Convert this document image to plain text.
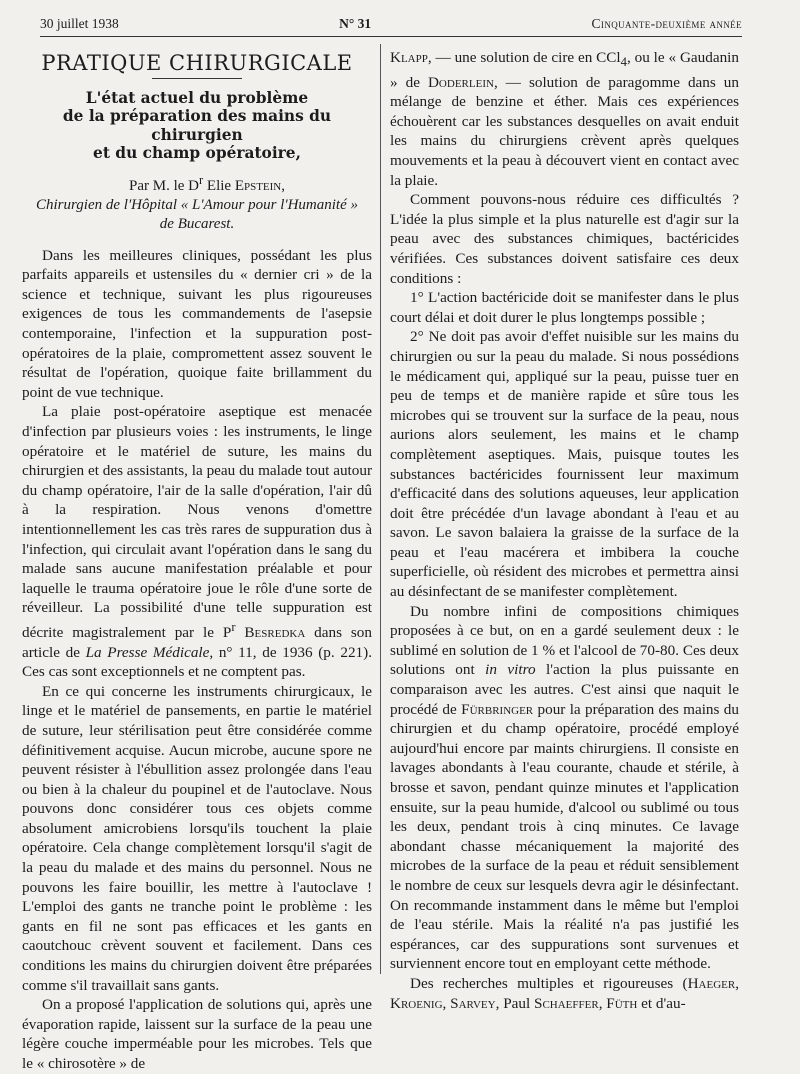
30 juillet 1938	N° 31	Cinquante-deuxième année
PRATIQUE CHIRURGICALE
L'état actuel du problème
de la préparation des mains du chirurgien
et du champ opératoire,

Par M. le $D^r$ Elie Epstein,

Chirurgien de l'Hôpital « L'Amour pour l'Humanité »
de Bucarest.

Dans les meilleures cliniques, possédant les plus parfaits appareils et ustensiles du « dernier cri » de la science et technique, suivant les plus rigoureuses exigences de tous les commandements de l'asepsie contemporaine, l'infection et la suppuration post-opératoires de la plaie, compromettent assez souvent le résultat de l'opération, quoique faite brillamment du point de vue technique.

La plaie post-opératoire aseptique est menacée d'infection par plusieurs voies : les instruments, le linge opératoire et le matériel de suture, les mains du chirurgien et des assistants, la peau du malade tout autour du champ opératoire, l'air de la salle d'opération, l'air dû à la respiration. Nous venons d'omettre intentionnellement les cas très rares de suppuration dus à l'infection, qui circulait avant l'opération dans le sang du malade sans aucune manifestation préalable et pour laquelle le trauma opératoire joue le rôle d'une sorte de réveilleur. La possibilité d'une telle suppuration est décrite magistralement par le $P^r$ Besredka dans son article de La Presse Médicale, n° 11, de 1936 (p. 221). Ces cas sont exceptionnels et ne comptent pas.

En ce qui concerne les instruments chirurgicaux, le linge et le matériel de pansements, en partie le matériel de suture, leur stérilisation peut être considérée comme définitivement acquise. Aucun microbe, aucune spore ne peuvent résister à l'ébullition assez prolongée dans l'eau ou bien à la chaleur du poupinel et de l'autoclave. Nous pouvons donc considérer tous ces objets comme absolument amicrobiens lorsqu'ils touchent la plaie opératoire. Cela change complètement lorsqu'il s'agit de la peau du malade et des mains du personnel. Nous ne pouvons les faire bouillir, les mettre à l'autoclave ! L'emploi des gants ne tranche point le problème : les gants en fil ne sont pas efficaces et les gants en caoutchouc crèvent souvent et facilement. Dans ces conditions les mains du chirurgien doivent être préparées comme s'il travaillait sans gants.

On a proposé l'application de solutions qui, après une évaporation rapide, laissent sur la surface de la peau une légère couche imperméable pour les microbes. Tels que le « chirosotère » de

Klapp, — une solution de cire en CCl$_4$, ou le « Gaudanin » de Doderlein, — solution de paragomme dans un mélange de benzine et éther. Mais ces expériences échouèrent car les substances desquelles on avait enduit les mains du chirurgiens crèvent après quelques mouvements et la peau à découvert vient en contact avec la plaie.

Comment pouvons-nous réduire ces difficultés ? L'idée la plus simple et la plus naturelle est d'agir sur la peau avec des substances chimiques, bactéricides vérifiées. Ces substances doivent satisfaire ces deux conditions :

1° L'action bactéricide doit se manifester dans le plus court délai et doit durer le plus longtemps possible ;

2° Ne doit pas avoir d'effet nuisible sur les mains du chirurgien ou sur la peau du malade. Si nous possédions le médicament qui, appliqué sur la peau, puisse tuer en peu de temps et de manière rapide et sûre tous les microbes qui se trouvent sur la surface de la peau, nous aurions alors seulement, les mains et le champ complètement aseptiques. Mais, puisque toutes les substances bactéricides fournissent leur maximum d'efficacité dans des solutions aqueuses, leur application doit être précédée d'un lavage abondant à l'eau et au savon. Le savon balaiera la graisse de la surface de la peau et l'eau macérera et imbibera la couche superficielle, où résident des microbes et permettra ainsi au désinfectant de se manifester complètement.

Du nombre infini de compositions chimiques proposées à ce but, on en a gardé seulement deux : le sublimé en solution de 1 % et l'alcool de 70-80. Ces deux solutions ont in vitro l'action la plus puissante en comparaison avec les autres. C'est ainsi que naquit le procédé de Fürbringer pour la préparation des mains du chirurgien et du champ opératoire, procédé employé aujourd'hui encore par maints chirurgiens. Il consiste en lavages abondants à l'eau courante, chaude et stérile, à brosse et savon, pendant quinze minutes et l'application ensuite, sur la peau humide, d'alcool ou sublimé ou tous les deux, pendant trois à cinq minutes. Ce lavage abondant chasse mécaniquement la majorité des microbes de la surface de la peau et réduit sensiblement le nombre de ceux sur lesquels devra agir le désinfectant. On recommande instamment dans le même but l'emploi de l'eau stérile. Mais la réalité n'a pas justifié les espérances, car des suppurations sont survenues et surviennent encore tout en employant cette méthode.

Des recherches multiples et rigoureuses (Haeger, Kroenig, Sarvey, Paul Schaeffer, Füth et d'au-
